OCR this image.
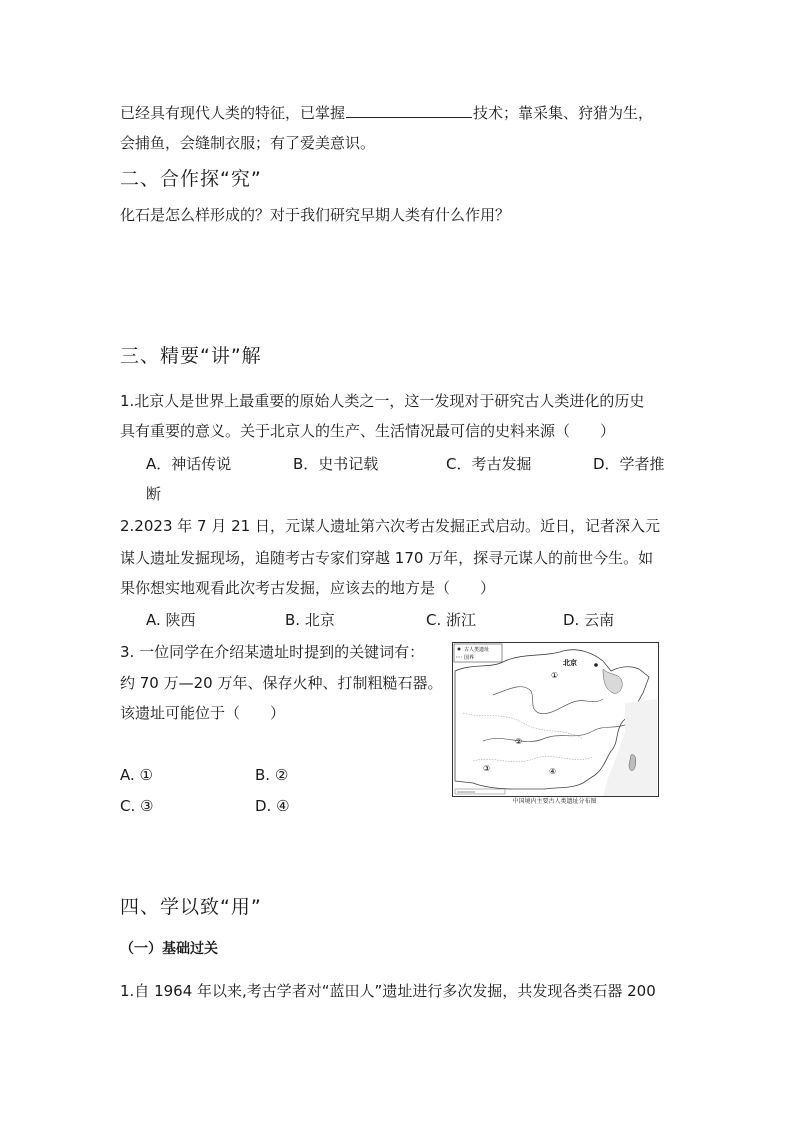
已经具有现代人类的特征，已掌握	技术；靠采集、狩猎为生，
会捕鱼，会缝制衣服；有了爱美意识。
二、合作探“究”
化石是怎么样形成的？对于我们研究早期人类有什么作用？
三、精要“讲”解
1.北京人是世界上最重要的原始人类之一，这一发现对于研究古人类进化的历史
具有重要的意义。关于北京人的生产、生活情况最可信的史料来源（　　）
A．神话传说	B．史书记载	C．考古发掘	D．学者推
断
2.2023 年 7 月 21 日，元谋人遗址第六次考古发掘正式启动。近日，记者深入元
谋人遗址发掘现场，追随考古专家们穿越 170 万年，探寻元谋人的前世今生。如
果你想实地观看此次考古发掘，应该去的地方是（　　）
A. 陕西	B. 北京	C. 浙江	D. 云南
3. 一位同学在介绍某遗址时提到的关键词有：
约 70 万—20 万年、保存火种、打制粗糙石器。
该遗址可能位于（　　）
A. ①	B. ②
C. ③	D. ④
古人类遗址
国界
北京
①
②
③	④
中国境内主要古人类遗址分布图
四、学以致“用”
（一）基础过关
1.自 1964 年以来,考古学者对“蓝田人”遗址进行多次发掘，共发现各类石器 200
